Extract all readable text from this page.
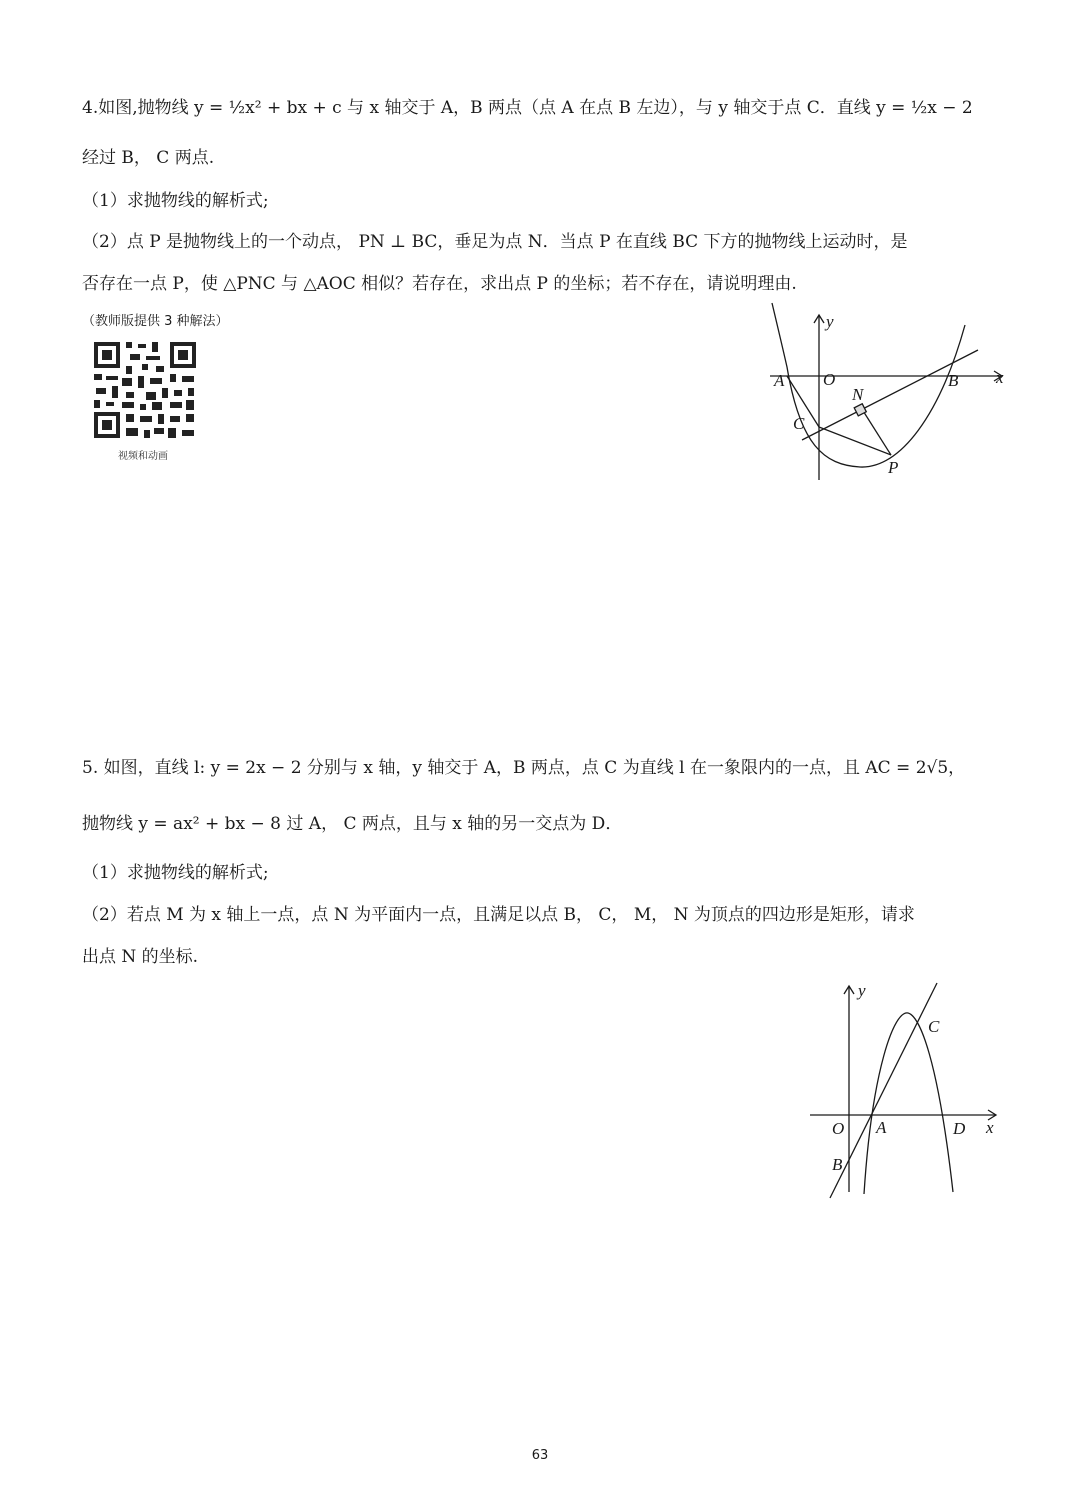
4.如图,抛物线 y = ½x² + bx + c 与 x 轴交于 A，B 两点（点 A 在点 B 左边），与 y 轴交于点 C．直线 y = ½x − 2
经过 B， C 两点.
（1）求抛物线的解析式;
（2）点 P 是抛物线上的一个动点， PN ⊥ BC，垂足为点 N．当点 P 在直线 BC 下方的抛物线上运动时，是
否存在一点 P，使 △PNC 与 △AOC 相似？若存在，求出点 P 的坐标；若不存在，请说明理由.
（教师版提供 3 种解法）
视频和动画
y
x
A O	B
N
C
P
5. 如图，直线 l: y = 2x − 2 分别与 x 轴，y 轴交于 A，B 两点，点 C 为直线 l 在一象限内的一点，且 AC = 2√5，
抛物线 y = ax² + bx − 8 过 A， C 两点，且与 x 轴的另一交点为 D．
（1）求抛物线的解析式;
（2）若点 M 为 x 轴上一点，点 N 为平面内一点，且满足以点 B， C， M， N 为顶点的四边形是矩形，请求
出点 N 的坐标.
y
x
O A	D
B
C
63
